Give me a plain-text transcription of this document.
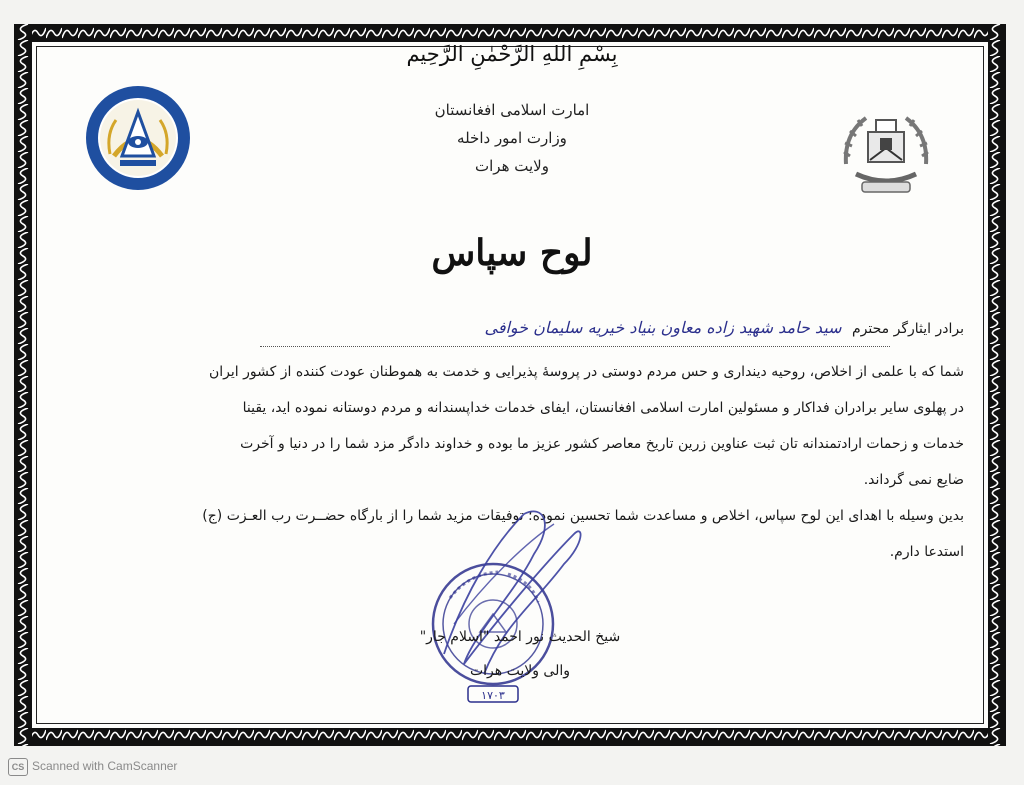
بِسْمِ اللهِ الرَّحْمٰنِ الرَّحِيم
امارت اسلامی افغانستان
وزارت امور داخله
ولایت هرات
لوح سپاس
برادر ایثارگر محترم سید حامد شهید زاده معاون بنیاد خیریه سلیمان خوافی

شما که با علمی از اخلاص، روحیه دینداری و حس مردم دوستی در پروسهٔ پذیرایی و خدمت به هموطنان عودت کننده از کشور ایران

در پهلوی سایر برادران فداکار و مسئولین امارت اسلامی افغانستان، ایفای خدمات خداپسندانه و مردم دوستانه نموده اید، یقینا

خدمات و زحمات ارادتمندانه تان ثبت عناوین زرین تاریخ معاصر کشور عزیز ما بوده و خداوند دادگر مزد شما را در دنیا و آخرت

ضایع نمی گرداند.

بدین وسیله با اهدای این لوح سپاس، اخلاص و مساعدت شما تحسین نموده؛ توفیقات مزید شما را از بارگاه حضــرت رب العـزت (ج)

استدعا دارم.

۱۷۰۳
شیخ الحدیث نور احمد "اسلام جار"
والی ولایت هرات
CS Scanned with CamScanner
